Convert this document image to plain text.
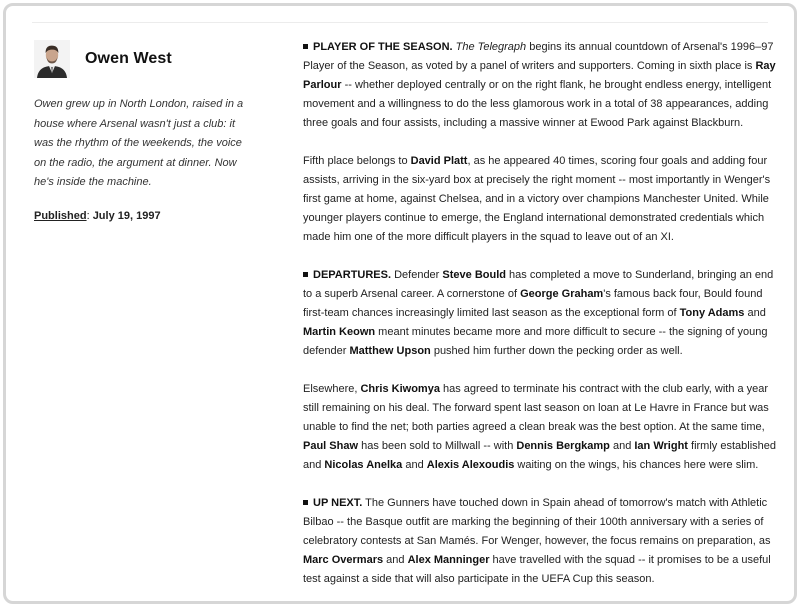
Owen West

Owen grew up in North London, raised in a house where Arsenal wasn't just a club: it was the rhythm of the weekends, the voice on the radio, the argument at dinner. Now he's inside the machine.

Published: July 19, 1997

PLAYER OF THE SEASON. The Telegraph begins its annual countdown of Arsenal's 1996–97 Player of the Season, as voted by a panel of writers and supporters. Coming in sixth place is Ray Parlour -- whether deployed centrally or on the right flank, he brought endless energy, intelligent movement and a willingness to do the less glamorous work in a total of 38 appearances, adding three goals and four assists, including a massive winner at Ewood Park against Blackburn.

Fifth place belongs to David Platt, as he appeared 40 times, scoring four goals and adding four assists, arriving in the six-yard box at precisely the right moment -- most importantly in Wenger's first game at home, against Chelsea, and in a victory over champions Manchester United. While younger players continue to emerge, the England international demonstrated credentials which made him one of the more difficult players in the squad to leave out of an XI.

DEPARTURES. Defender Steve Bould has completed a move to Sunderland, bringing an end to a superb Arsenal career. A cornerstone of George Graham's famous back four, Bould found first-team chances increasingly limited last season as the exceptional form of Tony Adams and Martin Keown meant minutes became more and more difficult to secure -- the signing of young defender Matthew Upson pushed him further down the pecking order as well.

Elsewhere, Chris Kiwomya has agreed to terminate his contract with the club early, with a year still remaining on his deal. The forward spent last season on loan at Le Havre in France but was unable to find the net; both parties agreed a clean break was the best option. At the same time, Paul Shaw has been sold to Millwall -- with Dennis Bergkamp and Ian Wright firmly established and Nicolas Anelka and Alexis Alexoudis waiting on the wings, his chances here were slim.

UP NEXT. The Gunners have touched down in Spain ahead of tomorrow's match with Athletic Bilbao -- the Basque outfit are marking the beginning of their 100th anniversary with a series of celebratory contests at San Mamés. For Wenger, however, the focus remains on preparation, as Marc Overmars and Alex Manninger have travelled with the squad -- it promises to be a useful test against a side that will also participate in the UEFA Cup this season.
